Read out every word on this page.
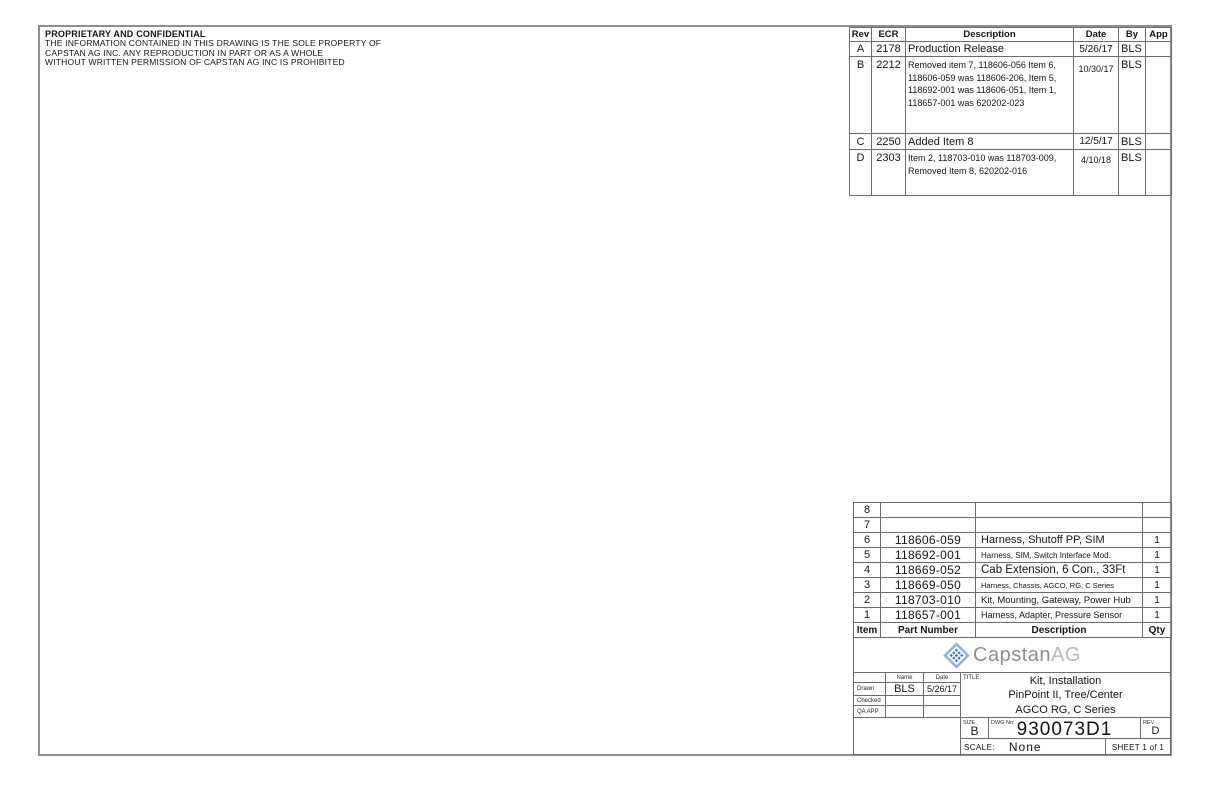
PROPRIETARY AND CONFIDENTIAL
THE INFORMATION CONTAINED IN THIS DRAWING IS THE SOLE PROPERTY OF
CAPSTAN AG INC. ANY REPRODUCTION IN PART OR AS A WHOLE
WITHOUT WRITTEN PERMISSION OF CAPSTAN AG INC IS PROHIBITED
Rev	ECR	Description	Date	By	App
A	2178	Production Release	5/26/17	BLS	
B	2212	Removed item 7, 118606-056 Item 6, 118606-059 was 118606-206, Item 5, 118692-001 was 118606-051, Item 1, 118657-001 was 620202-023	10/30/17	BLS	
C	2250	Added Item 8	12/5/17	BLS	
D	2303	Item 2, 118703-010 was 118703-009, Removed Item 8, 620202-016	4/10/18	BLS	
8			
7			
6	118606-059	Harness, Shutoff PP, SIM	1
5	118692-001	Harness, SIM, Switch Interface Mod.	1
4	118669-052	Cab Extension, 6 Con., 33Ft	1
3	118669-050	Harness, Chassis, AGCO, RG, C Series	1
2	118703-010	Kit, Mounting, Gateway, Power Hub	1
1	118657-001	Harness, Adapter, Pressure Sensor	1
Item	Part Number	Description	Qty
CapstanAG
Name	Date
Drawn	BLS	5/26/17
Checked
QA APP
TITLE:	Kit, Installation
PinPoint II, Tree/Center
AGCO RG, C Series
SIZE
B
DWG No: 930073D1	REV
D
SCALE:	None	SHEET 1 of 1
